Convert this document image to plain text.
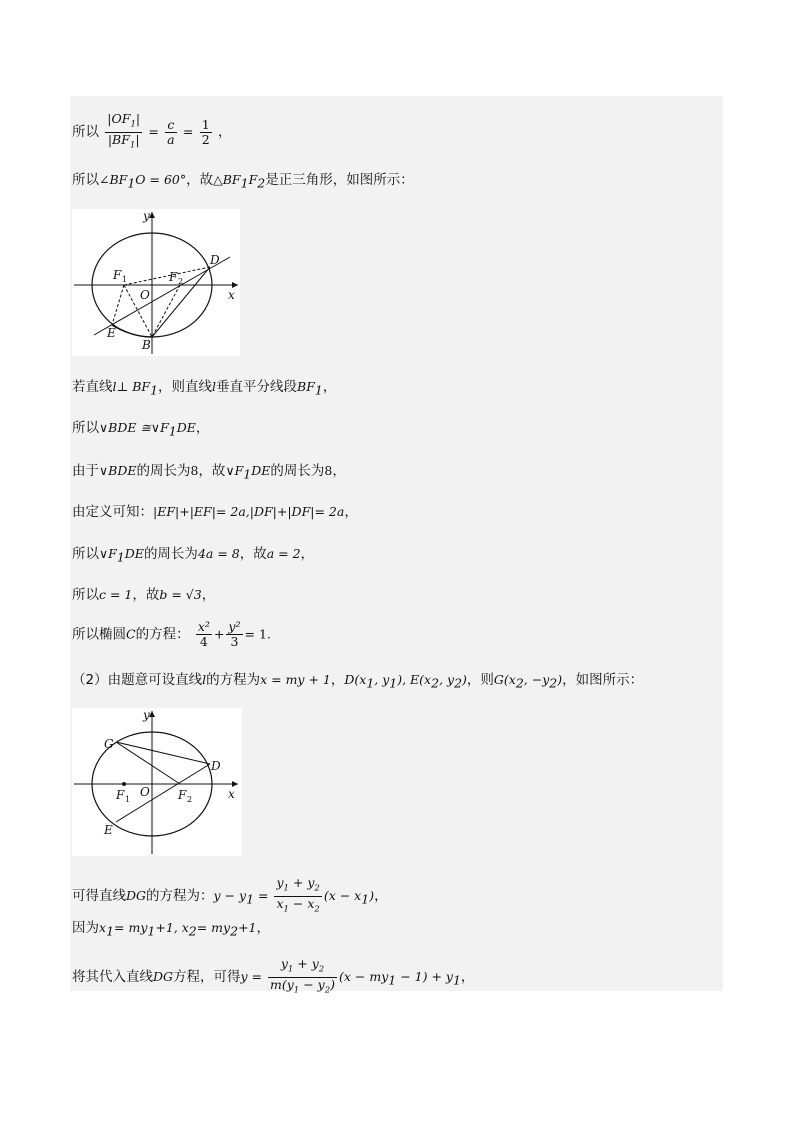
所以 $\frac{|OF_1|}{|BF_1|} = \frac{c}{a} = \frac{1}{2}$ ，
所以$\angle BF_1O = 60^\circ$，故$\triangle BF_1F_2$是正三角形，如图所示：
y
x
O
F 1	F 2
D
E
B
若直线l⊥ $BF_1$，则直线l垂直平分线段$BF_1$，
所以∨BDE $≅\vee F_1DE$，
由于∨BDE的周长为8，故$\vee F_1DE$的周长为8，
由定义可知：|EF|+|EF|= 2a,|DF|+|DF|= 2a，
所以$\vee F_1DE$的周长为4a = 8，故a = 2，
所以c = 1，故b = √3，
所以椭圆C的方程： $\frac{\text{x²}}{4} + \frac{\text{y²}}{3} = 1$.
（2）由题意可设直线l的方程为x = my + 1，$D(x_1$, $y_1$), $E(x_2$, $y_2$)，则$G(x_2$, $-y_2$)，如图所示：
y
x
O
F 1	F 2
D
G
E
可得直线DG的方程为：$y - y_1 = \frac{y_1 + y_2}{x_1 - x_2} (x - x_1)$，
因为$x_1= my_1+1$, $x_2= my_2+1$，
将其代入直线DG方程，可得$y = \frac{y_1 + y_2}{m(y_1 - y_2)} (x - my_1 - 1) + y_1$，
